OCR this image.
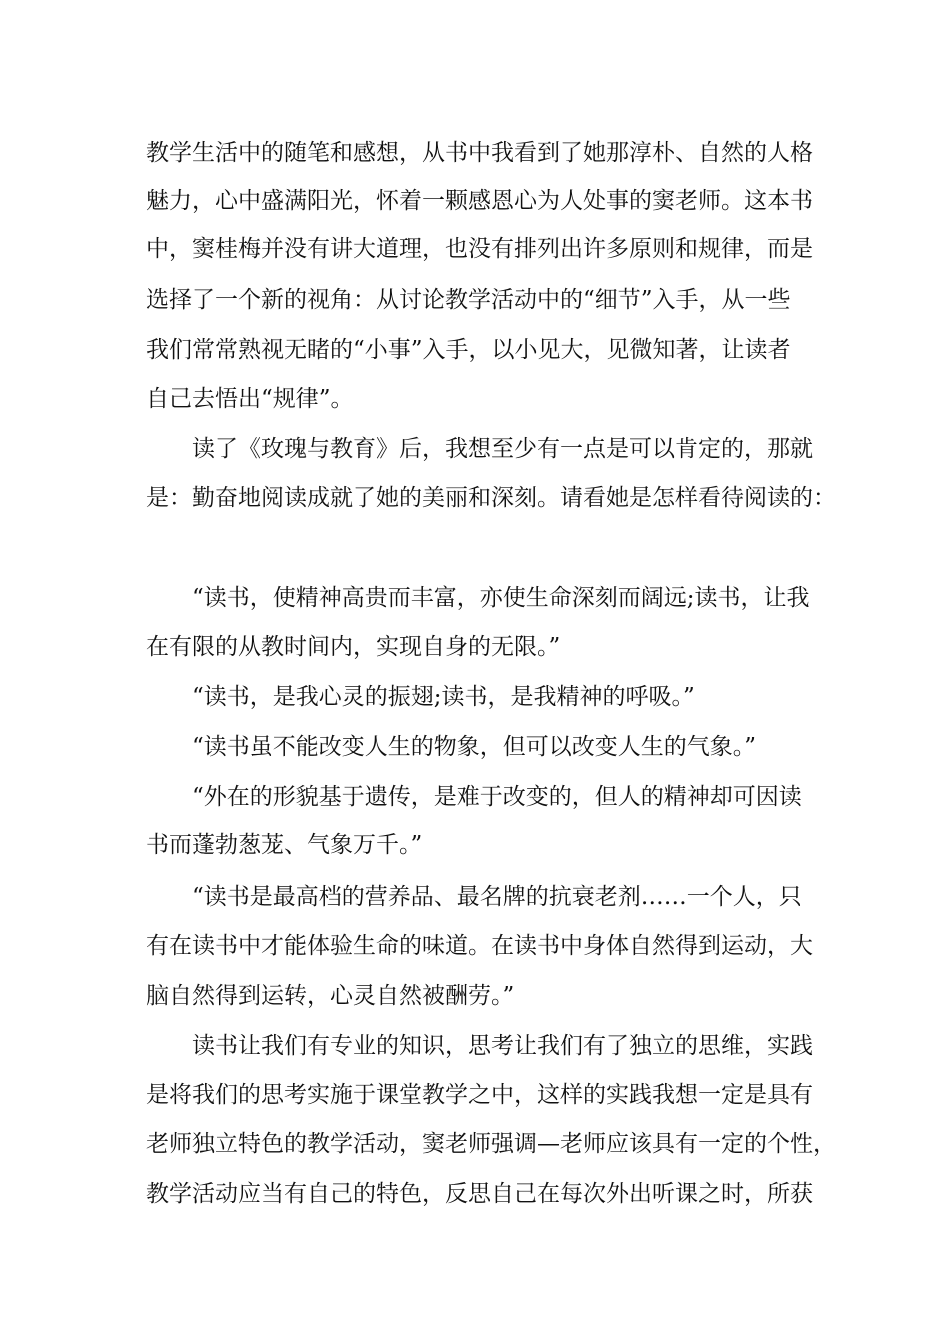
教学生活中的随笔和感想，从书中我看到了她那淳朴、自然的人格
魅力，心中盛满阳光，怀着一颗感恩心为人处事的窦老师。这本书
中，窦桂梅并没有讲大道理，也没有排列出许多原则和规律，而是
选择了一个新的视角：从讨论教学活动中的“细节”入手，从一些
我们常常熟视无睹的“小事”入手，以小见大，见微知著，让读者
自己去悟出“规律”。
读了《玫瑰与教育》后，我想至少有一点是可以肯定的，那就
是：勤奋地阅读成就了她的美丽和深刻。请看她是怎样看待阅读的：
“读书，使精神高贵而丰富，亦使生命深刻而阔远;读书，让我
在有限的从教时间内，实现自身的无限。”
“读书，是我心灵的振翅;读书，是我精神的呼吸。”
“读书虽不能改变人生的物象，但可以改变人生的气象。”
“外在的形貌基于遗传，是难于改变的，但人的精神却可因读
书而蓬勃葱茏、气象万千。”
“读书是最高档的营养品、最名牌的抗衰老剂……一个人，只
有在读书中才能体验生命的味道。在读书中身体自然得到运动，大
脑自然得到运转，心灵自然被酬劳。”
读书让我们有专业的知识，思考让我们有了独立的思维，实践
是将我们的思考实施于课堂教学之中，这样的实践我想一定是具有
老师独立特色的教学活动，窦老师强调—老师应该具有一定的个性，
教学活动应当有自己的特色，反思自己在每次外出听课之时，所获
